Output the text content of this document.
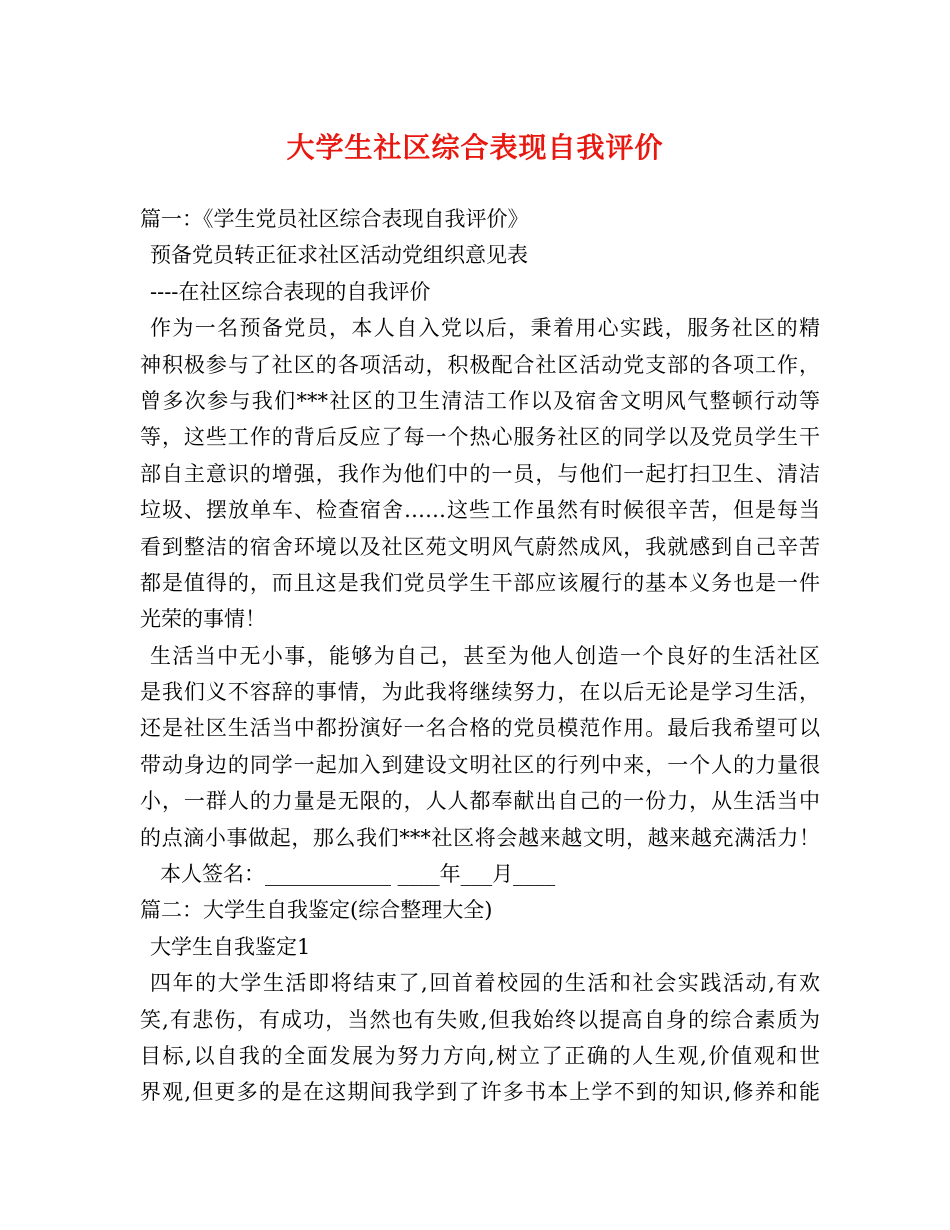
大学生社区综合表现自我评价
篇一：《学生党员社区综合表现自我评价》
预备党员转正征求社区活动党组织意见表
----在社区综合表现的自我评价
作为一名预备党员，本人自入党以后，秉着用心实践，服务社区的精
神积极参与了社区的各项活动，积极配合社区活动党支部的各项工作，
曾多次参与我们***社区的卫生清洁工作以及宿舍文明风气整顿行动等
等，这些工作的背后反应了每一个热心服务社区的同学以及党员学生干
部自主意识的增强，我作为他们中的一员，与他们一起打扫卫生、清洁
垃圾、摆放单车、检查宿舍……这些工作虽然有时候很辛苦，但是每当
看到整洁的宿舍环境以及社区苑文明风气蔚然成风，我就感到自己辛苦
都是值得的，而且这是我们党员学生干部应该履行的基本义务也是一件
光荣的事情！
生活当中无小事，能够为自己，甚至为他人创造一个良好的生活社区
是我们义不容辞的事情，为此我将继续努力，在以后无论是学习生活，
还是社区生活当中都扮演好一名合格的党员模范作用。最后我希望可以
带动身边的同学一起加入到建设文明社区的行列中来，一个人的力量很
小，一群人的力量是无限的，人人都奉献出自己的一份力，从生活当中
的点滴小事做起，那么我们***社区将会越来越文明，越来越充满活力！
本人签名：____________ ____年___月____
篇二：大学生自我鉴定(综合整理大全)
大学生自我鉴定1
四年的大学生活即将结束了,回首着校园的生活和社会实践活动,有欢
笑,有悲伤，有成功，当然也有失败,但我始终以提高自身的综合素质为
目标,以自我的全面发展为努力方向,树立了正确的人生观,价值观和世
界观,但更多的是在这期间我学到了许多书本上学不到的知识,修养和能
